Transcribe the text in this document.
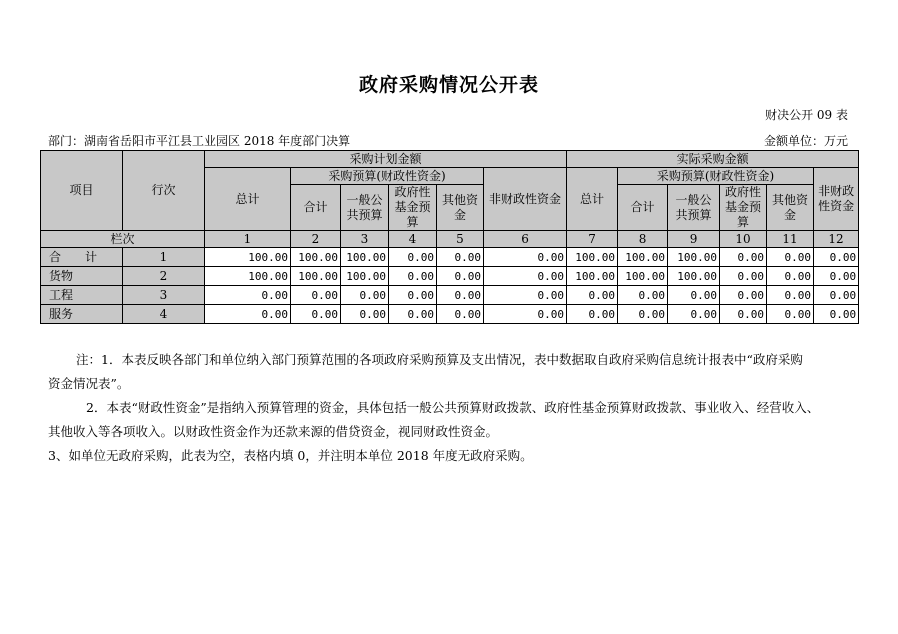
政府采购情况公开表
财决公开 09 表
部门：湖南省岳阳市平江县工业园区 2018 年度部门决算	金额单位：万元
项目	行次	采购计划金额						实际采购金额					
		总计	采购预算(财政性资金)				非财政性资金	总计	采购预算(财政性资金)				非财政性资金
			合计	一般公共预算	政府性基金预算	其他资金			合计	一般公共预算	政府性基金预算	其他资金	
栏次		1	2	3	4	5	6	7	8	9	10	11	12
合　　计	1	100.00	100.00	100.00	0.00	0.00	0.00	100.00	100.00	100.00	0.00	0.00	0.00
货物	2	100.00	100.00	100.00	0.00	0.00	0.00	100.00	100.00	100.00	0.00	0.00	0.00
工程	3	0.00	0.00	0.00	0.00	0.00	0.00	0.00	0.00	0.00	0.00	0.00	0.00
服务	4	0.00	0.00	0.00	0.00	0.00	0.00	0.00	0.00	0.00	0.00	0.00	0.00

注：1．本表反映各部门和单位纳入部门预算范围的各项政府采购预算及支出情况，表中数据取自政府采购信息统计报表中“政府采购

资金情况表”。

2．本表“财政性资金”是指纳入预算管理的资金，具体包括一般公共预算财政拨款、政府性基金预算财政拨款、事业收入、经营收入、

其他收入等各项收入。以财政性资金作为还款来源的借贷资金，视同财政性资金。

3、如单位无政府采购，此表为空，表格内填 0，并注明本单位 2018 年度无政府采购。
